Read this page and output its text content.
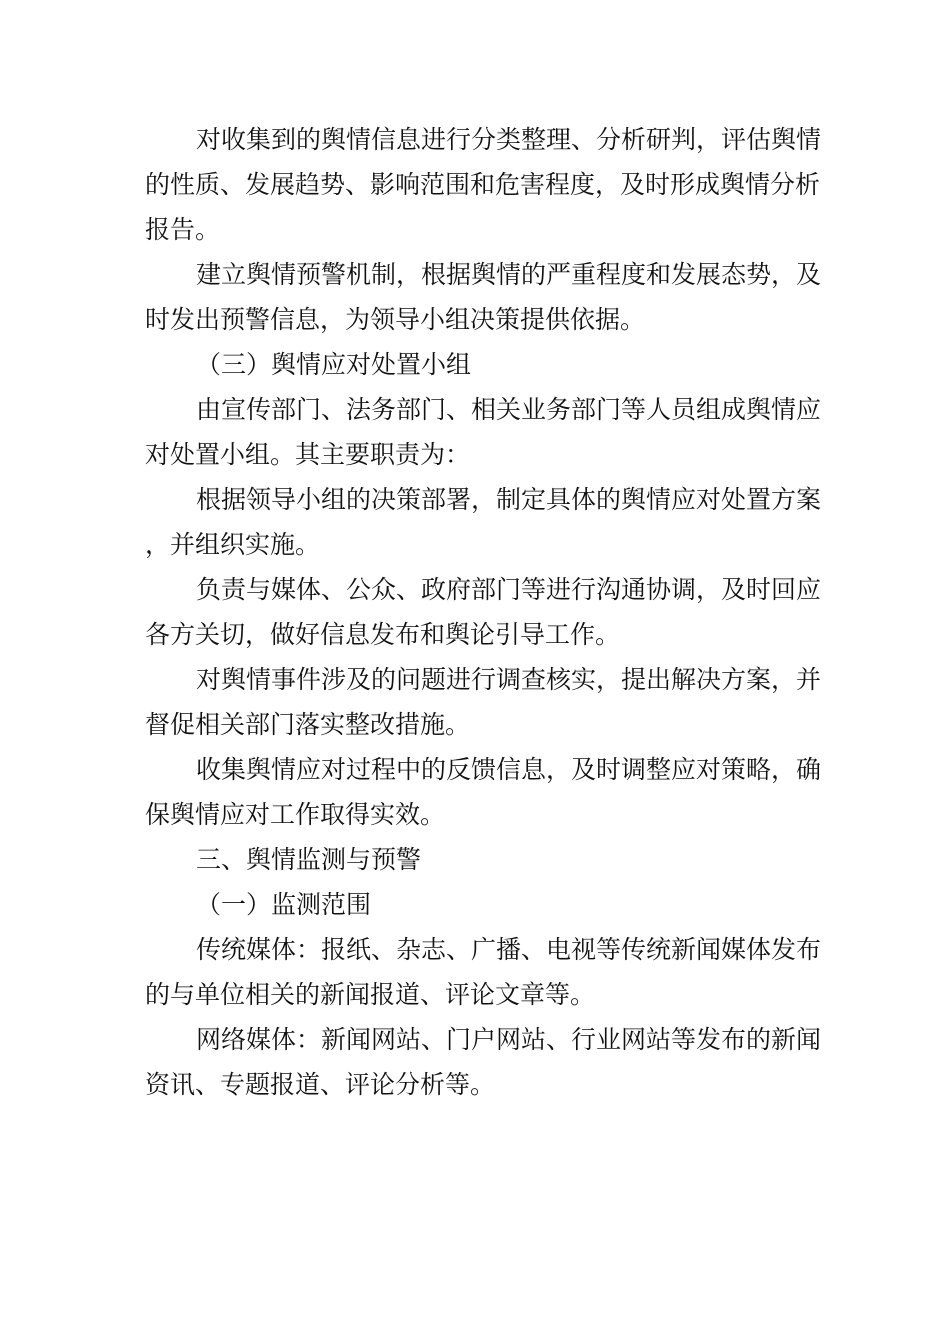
对收集到的舆情信息进行分类整理、分析研判，评估舆情的性质、发展趋势、影响范围和危害程度，及时形成舆情分析报告。

建立舆情预警机制，根据舆情的严重程度和发展态势，及时发出预警信息，为领导小组决策提供依据。

（三）舆情应对处置小组

由宣传部门、法务部门、相关业务部门等人员组成舆情应对处置小组。其主要职责为：

根据领导小组的决策部署，制定具体的舆情应对处置方案，并组织实施。

负责与媒体、公众、政府部门等进行沟通协调，及时回应各方关切，做好信息发布和舆论引导工作。

对舆情事件涉及的问题进行调查核实，提出解决方案，并督促相关部门落实整改措施。

收集舆情应对过程中的反馈信息，及时调整应对策略，确保舆情应对工作取得实效。

三、舆情监测与预警

（一）监测范围

传统媒体：报纸、杂志、广播、电视等传统新闻媒体发布的与单位相关的新闻报道、评论文章等。

网络媒体：新闻网站、门户网站、行业网站等发布的新闻资讯、专题报道、评论分析等。
